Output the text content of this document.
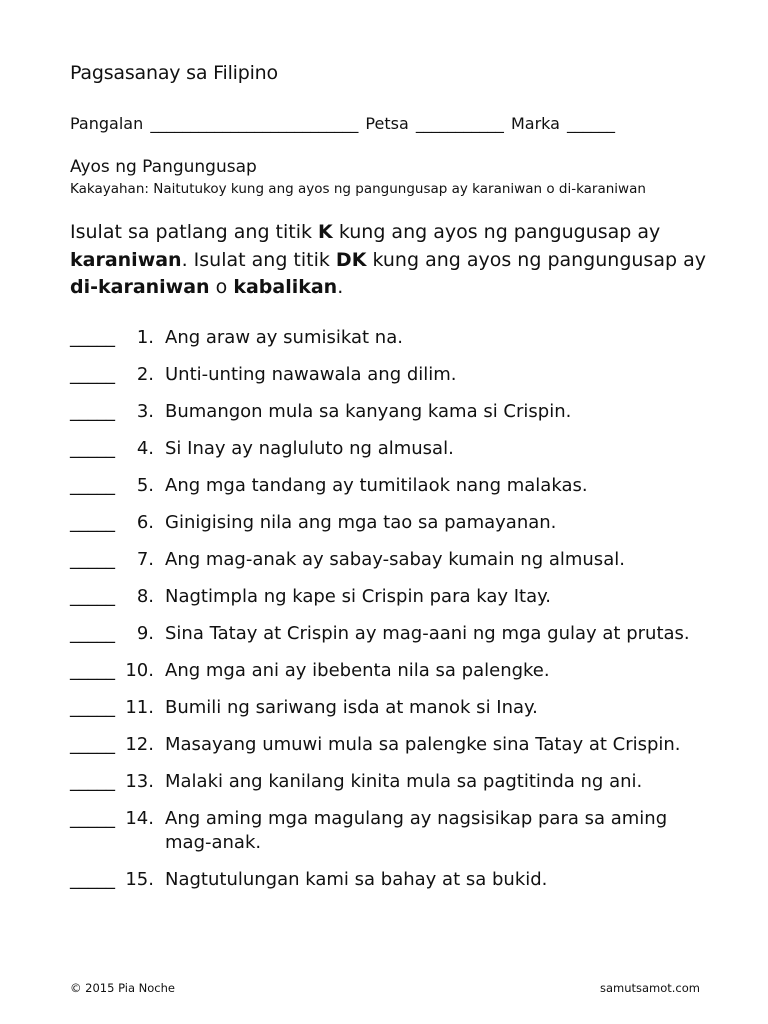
Pagsasanay sa Filipino
Pangalan __________________________ Petsa ___________ Marka ______
Ayos ng Pangungusap
Kakayahan: Naitutukoy kung ang ayos ng pangungusap ay karaniwan o di-karaniwan
Isulat sa patlang ang titik K kung ang ayos ng pangugusap ay karaniwan. Isulat ang titik DK kung ang ayos ng pangungusap ay di-karaniwan o kabalikan.
_____	1. Ang araw ay sumisikat na.
_____	2. Unti-unting nawawala ang dilim.
_____	3. Bumangon mula sa kanyang kama si Crispin.
_____	4. Si Inay ay nagluluto ng almusal.
_____	5. Ang mga tandang ay tumitilaok nang malakas.
_____	6. Ginigising nila ang mga tao sa pamayanan.
_____	7. Ang mag-anak ay sabay-sabay kumain ng almusal.
_____	8. Nagtimpla ng kape si Crispin para kay Itay.
_____	9. Sina Tatay at Crispin ay mag-aani ng mga gulay at prutas.
_____ 10. Ang mga ani ay ibebenta nila sa palengke.
_____ 11. Bumili ng sariwang isda at manok si Inay.
_____ 12. Masayang umuwi mula sa palengke sina Tatay at Crispin.
_____ 13. Malaki ang kanilang kinita mula sa pagtitinda ng ani.
_____ 14. Ang aming mga magulang ay nagsisikap para sa aming mag-anak.
_____ 15. Nagtutulungan kami sa bahay at sa bukid.
© 2015 Pia Noche	samutsamot.com
